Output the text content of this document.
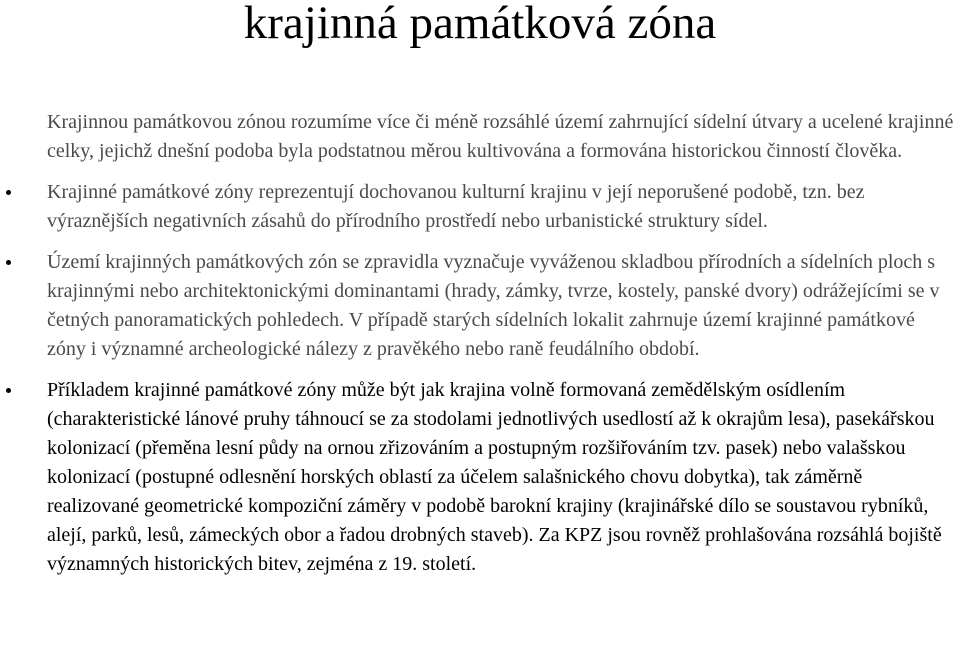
krajinná památková zóna

Krajinnou památkovou zónou rozumíme více či méně rozsáhlé území zahrnující sídelní útvary a ucelené krajinné celky, jejichž dnešní podoba byla podstatnou měrou kultivována a formována historickou činností člověka.

Krajinné památkové zóny reprezentují dochovanou kulturní krajinu v její neporušené podobě, tzn. bez výraznějších negativních zásahů do přírodního prostředí nebo urbanistické struktury sídel.
Území krajinných památkových zón se zpravidla vyznačuje vyváženou skladbou přírodních a sídelních ploch s krajinnými nebo architektonickými dominantami (hrady, zámky, tvrze, kostely, panské dvory) odrážejícími se v četných panoramatických pohledech. V případě starých sídelních lokalit zahrnuje území krajinné památkové zóny i významné archeologické nálezy z pravěkého nebo raně feudálního období.
Příkladem krajinné památkové zóny může být jak krajina volně formovaná zemědělským osídlením (charakteristické lánové pruhy táhnoucí se za stodolami jednotlivých usedlostí až k okrajům lesa), pasekářskou kolonizací (přeměna lesní půdy na ornou zřizováním a postupným rozšiřováním tzv. pasek) nebo valašskou kolonizací (postupné odlesnění horských oblastí za účelem salašnického chovu dobytka), tak záměrně realizované geometrické kompoziční záměry v podobě barokní krajiny (krajinářské dílo se soustavou rybníků, alejí, parků, lesů, zámeckých obor a řadou drobných staveb). Za KPZ jsou rovněž prohlašována rozsáhlá bojiště významných historických bitev, zejména z 19. století.
